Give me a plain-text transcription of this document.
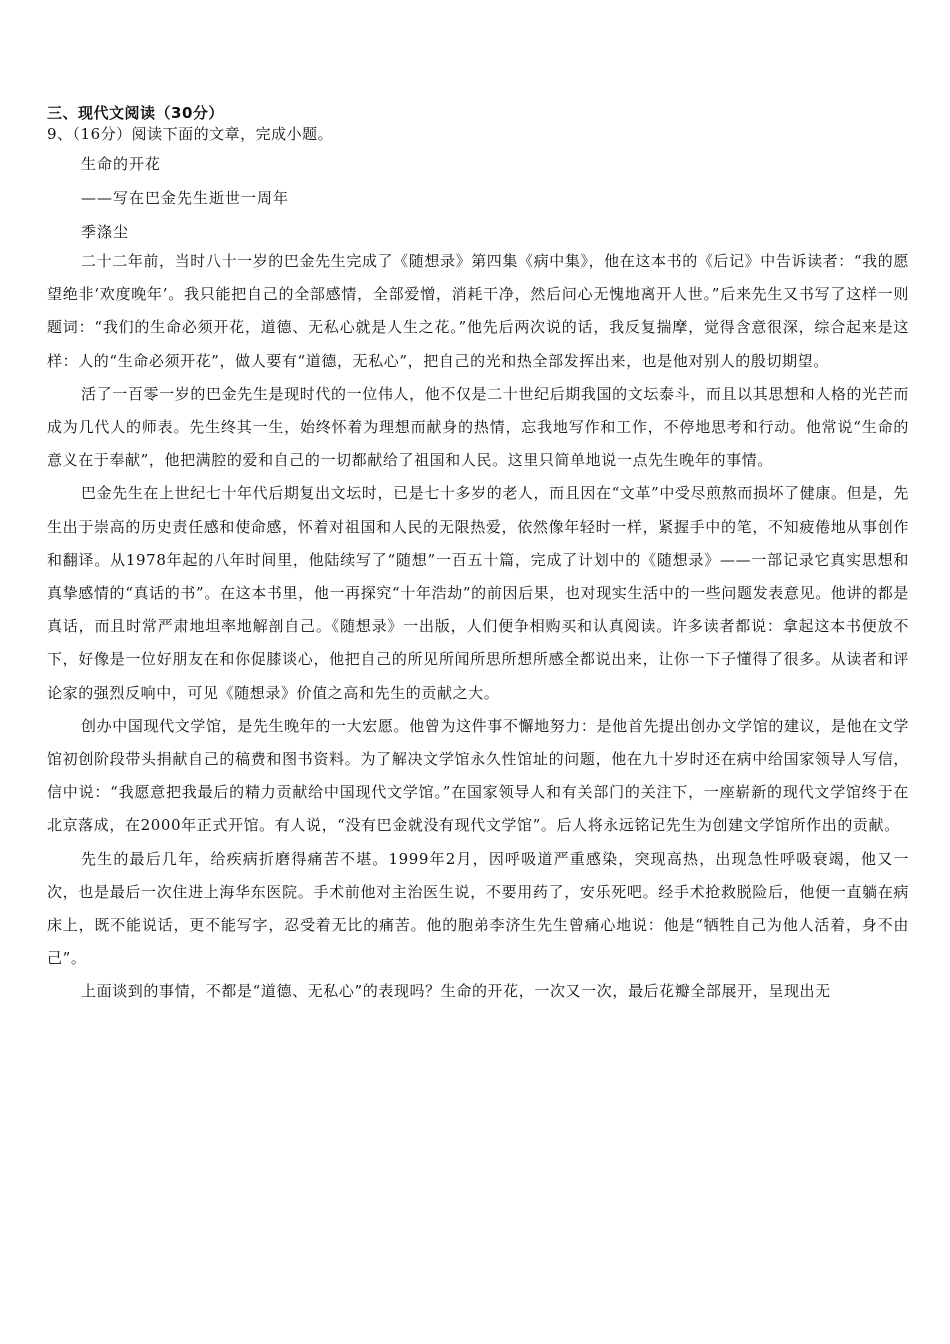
三、现代文阅读（30分）

9、（16分）阅读下面的文章，完成小题。

生命的开花

——写在巴金先生逝世一周年

季涤尘

二十二年前，当时八十一岁的巴金先生完成了《随想录》第四集《病中集》，他在这本书的《后记》中告诉读者：“我的愿望绝非‘欢度晚年’。我只能把自己的全部感情，全部爱憎，消耗干净，然后问心无愧地离开人世。”后来先生又书写了这样一则题词：“我们的生命必须开花，道德、无私心就是人生之花。”他先后两次说的话，我反复揣摩，觉得含意很深，综合起来是这样：人的“生命必须开花”，做人要有“道德，无私心”，把自己的光和热全部发挥出来，也是他对别人的殷切期望。

活了一百零一岁的巴金先生是现时代的一位伟人，他不仅是二十世纪后期我国的文坛泰斗，而且以其思想和人格的光芒而成为几代人的师表。先生终其一生，始终怀着为理想而献身的热情，忘我地写作和工作，不停地思考和行动。他常说“生命的意义在于奉献”，他把满腔的爱和自己的一切都献给了祖国和人民。这里只简单地说一点先生晚年的事情。

巴金先生在上世纪七十年代后期复出文坛时，已是七十多岁的老人，而且因在“文革”中受尽煎熬而损坏了健康。但是，先生出于崇高的历史责任感和使命感，怀着对祖国和人民的无限热爱，依然像年轻时一样，紧握手中的笔，不知疲倦地从事创作和翻译。从1978年起的八年时间里，他陆续写了“随想”一百五十篇，完成了计划中的《随想录》——一部记录它真实思想和真挚感情的“真话的书”。在这本书里，他一再探究“十年浩劫”的前因后果，也对现实生活中的一些问题发表意见。他讲的都是真话，而且时常严肃地坦率地解剖自己。《随想录》一出版，人们便争相购买和认真阅读。许多读者都说：拿起这本书便放不下，好像是一位好朋友在和你促膝谈心，他把自己的所见所闻所思所想所感全都说出来，让你一下子懂得了很多。从读者和评论家的强烈反响中，可见《随想录》价值之高和先生的贡献之大。

创办中国现代文学馆，是先生晚年的一大宏愿。他曾为这件事不懈地努力：是他首先提出创办文学馆的建议，是他在文学馆初创阶段带头捐献自己的稿费和图书资料。为了解决文学馆永久性馆址的问题，他在九十岁时还在病中给国家领导人写信，信中说：“我愿意把我最后的精力贡献给中国现代文学馆。”在国家领导人和有关部门的关注下，一座崭新的现代文学馆终于在北京落成，在2000年正式开馆。有人说，“没有巴金就没有现代文学馆”。后人将永远铭记先生为创建文学馆所作出的贡献。

先生的最后几年，给疾病折磨得痛苦不堪。1999年2月，因呼吸道严重感染，突现高热，出现急性呼吸衰竭，他又一次，也是最后一次住进上海华东医院。手术前他对主治医生说，不要用药了，安乐死吧。经手术抢救脱险后，他便一直躺在病床上，既不能说话，更不能写字，忍受着无比的痛苦。他的胞弟李济生先生曾痛心地说：他是“牺牲自己为他人活着，身不由己”。

上面谈到的事情，不都是“道德、无私心”的表现吗？生命的开花，一次又一次，最后花瓣全部展开，呈现出无
